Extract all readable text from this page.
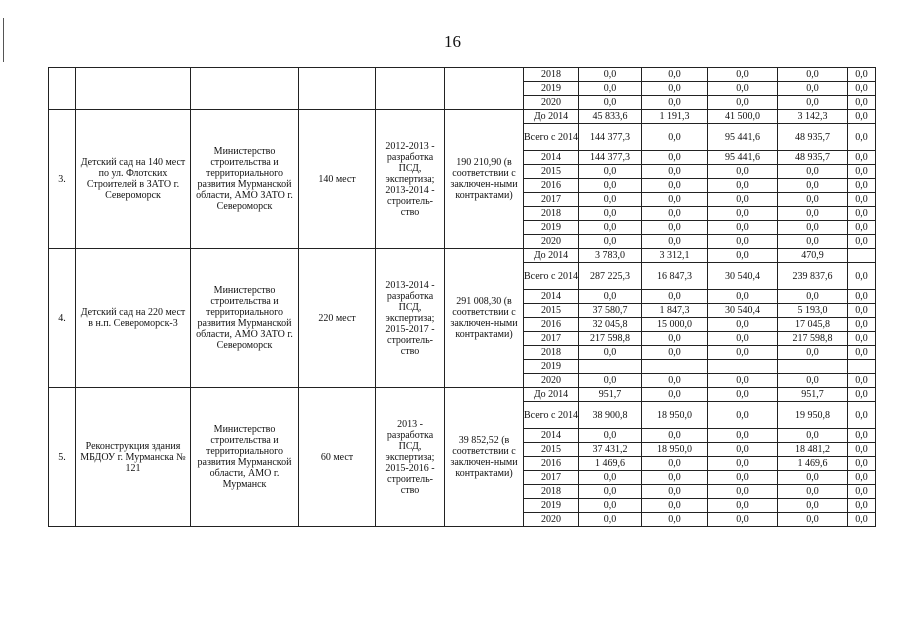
16
						2018	0,0	0,0	0,0	0,0	0,0
						2019	0,0	0,0	0,0	0,0	0,0
						2020	0,0	0,0	0,0	0,0	0,0
3.	Детский сад на 140 мест по ул. Флотских Строителей в ЗАТО г. Североморск	Министерство строительства и территориального развития Мурманской области, АМО ЗАТО г. Североморск	140 мест	2012-2013 - разработка ПСД, экспертиза; 2013-2014 - строитель-ство	190 210,90 (в соответствии с заключен-ными контрактами)	До 2014	45 833,6	1 191,3	41 500,0	3 142,3	0,0
						Всего с 2014	144 377,3	0,0	95 441,6	48 935,7	0,0
						2014	144 377,3	0,0	95 441,6	48 935,7	0,0
						2015	0,0	0,0	0,0	0,0	0,0
						2016	0,0	0,0	0,0	0,0	0,0
						2017	0,0	0,0	0,0	0,0	0,0
						2018	0,0	0,0	0,0	0,0	0,0
						2019	0,0	0,0	0,0	0,0	0,0
						2020	0,0	0,0	0,0	0,0	0,0
4.	Детский сад на 220 мест в н.п. Североморск-3	Министерство строительства и территориального развития Мурманской области, АМО ЗАТО г. Североморск	220 мест	2013-2014 - разработка ПСД, экспертиза; 2015-2017 - строитель-ство	291 008,30 (в соответствии с заключен-ными контрактами)	До 2014	3 783,0	3 312,1	0,0	470,9	
						Всего с 2014	287 225,3	16 847,3	30 540,4	239 837,6	0,0
						2014	0,0	0,0	0,0	0,0	0,0
						2015	37 580,7	1 847,3	30 540,4	5 193,0	0,0
						2016	32 045,8	15 000,0	0,0	17 045,8	0,0
						2017	217 598,8	0,0	0,0	217 598,8	0,0
						2018	0,0	0,0	0,0	0,0	0,0
						2019					
						2020	0,0	0,0	0,0	0,0	0,0
5.	Реконструкция здания МБДОУ г. Мурманска № 121	Министерство строительства и территориального развития Мурманской области, АМО г. Мурманск	60 мест	2013 - разработка ПСД, экспертиза; 2015-2016 - строитель-ство	39 852,52 (в соответствии с заключен-ными контрактами)	До 2014	951,7	0,0	0,0	951,7	0,0
						Всего с 2014	38 900,8	18 950,0	0,0	19 950,8	0,0
						2014	0,0	0,0	0,0	0,0	0,0
						2015	37 431,2	18 950,0	0,0	18 481,2	0,0
						2016	1 469,6	0,0	0,0	1 469,6	0,0
						2017	0,0	0,0	0,0	0,0	0,0
						2018	0,0	0,0	0,0	0,0	0,0
						2019	0,0	0,0	0,0	0,0	0,0
						2020	0,0	0,0	0,0	0,0	0,0
